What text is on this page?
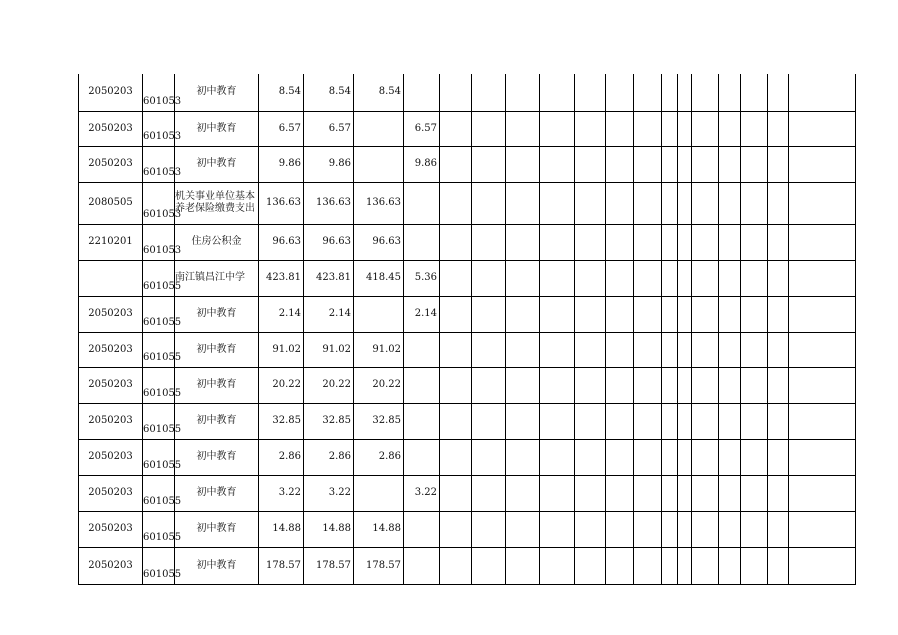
2050203	601053	初中教育	8.54	8.54	8.54															
2050203	601053	初中教育	6.57	6.57		6.57														
2050203	601053	初中教育	9.86	9.86		9.86														
2080505	601053	机关事业单位基本养老保险缴费支出	136.63	136.63	136.63															
2210201	601053	住房公积金	96.63	96.63	96.63															
	601055	南江镇昌江中学	423.81	423.81	418.45	5.36														
2050203	601055	初中教育	2.14	2.14		2.14														
2050203	601055	初中教育	91.02	91.02	91.02															
2050203	601055	初中教育	20.22	20.22	20.22															
2050203	601055	初中教育	32.85	32.85	32.85															
2050203	601055	初中教育	2.86	2.86	2.86															
2050203	601055	初中教育	3.22	3.22		3.22														
2050203	601055	初中教育	14.88	14.88	14.88															
2050203	601055	初中教育	178.57	178.57	178.57															
